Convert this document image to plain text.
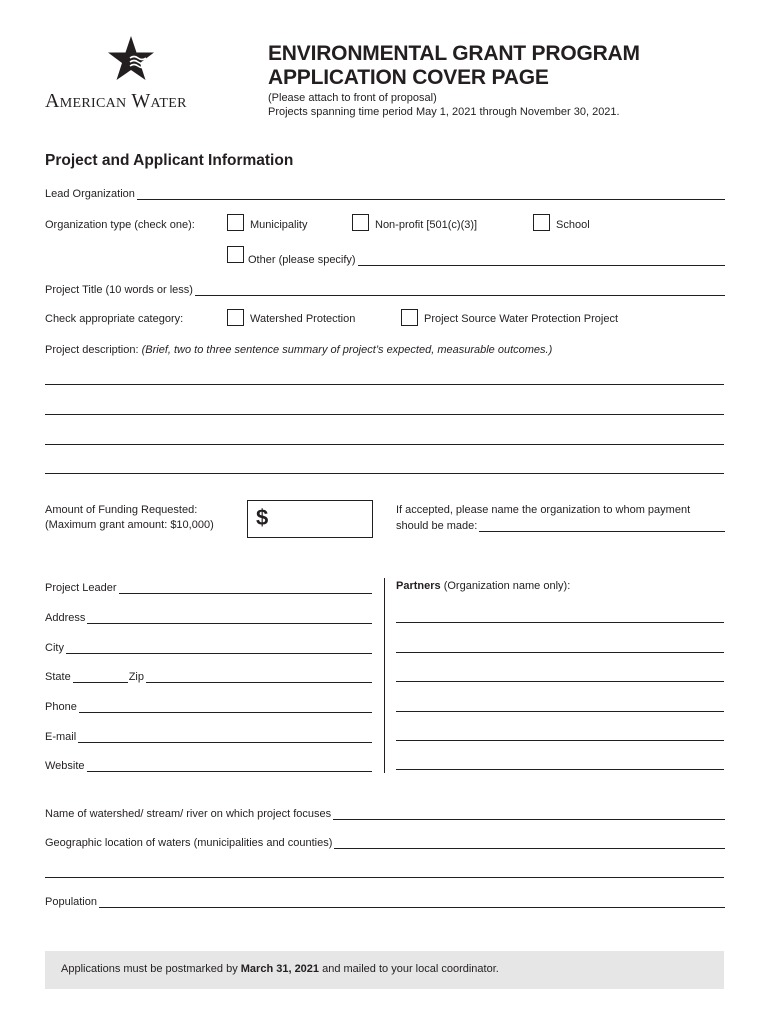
American Water
ENVIRONMENTAL GRANT PROGRAM
APPLICATION COVER PAGE
(Please attach to front of proposal)
Projects spanning time period May 1, 2021 through November 30, 2021.
Project and Applicant Information
Lead Organization
Organization type (check one):	Municipality	Non-profit [501(c)(3)]	School
Other (please specify)
Project Title (10 words or less)
Check appropriate category:	Watershed Protection	Project Source Water Protection Project
Project description: (Brief, two to three sentence summary of project’s expected, measurable outcomes.)
Amount of Funding Requested:
(Maximum grant amount: $10,000) $	If accepted, please name the organization to whom payment
should be made:
Project Leader
Address
City
State	Zip
Phone
E-mail
Website
Partners (Organization name only):
Name of watershed/ stream/ river on which project focuses
Geographic location of waters (municipalities and counties)
Population
Applications must be postmarked by March 31, 2021 and mailed to your local coordinator.
